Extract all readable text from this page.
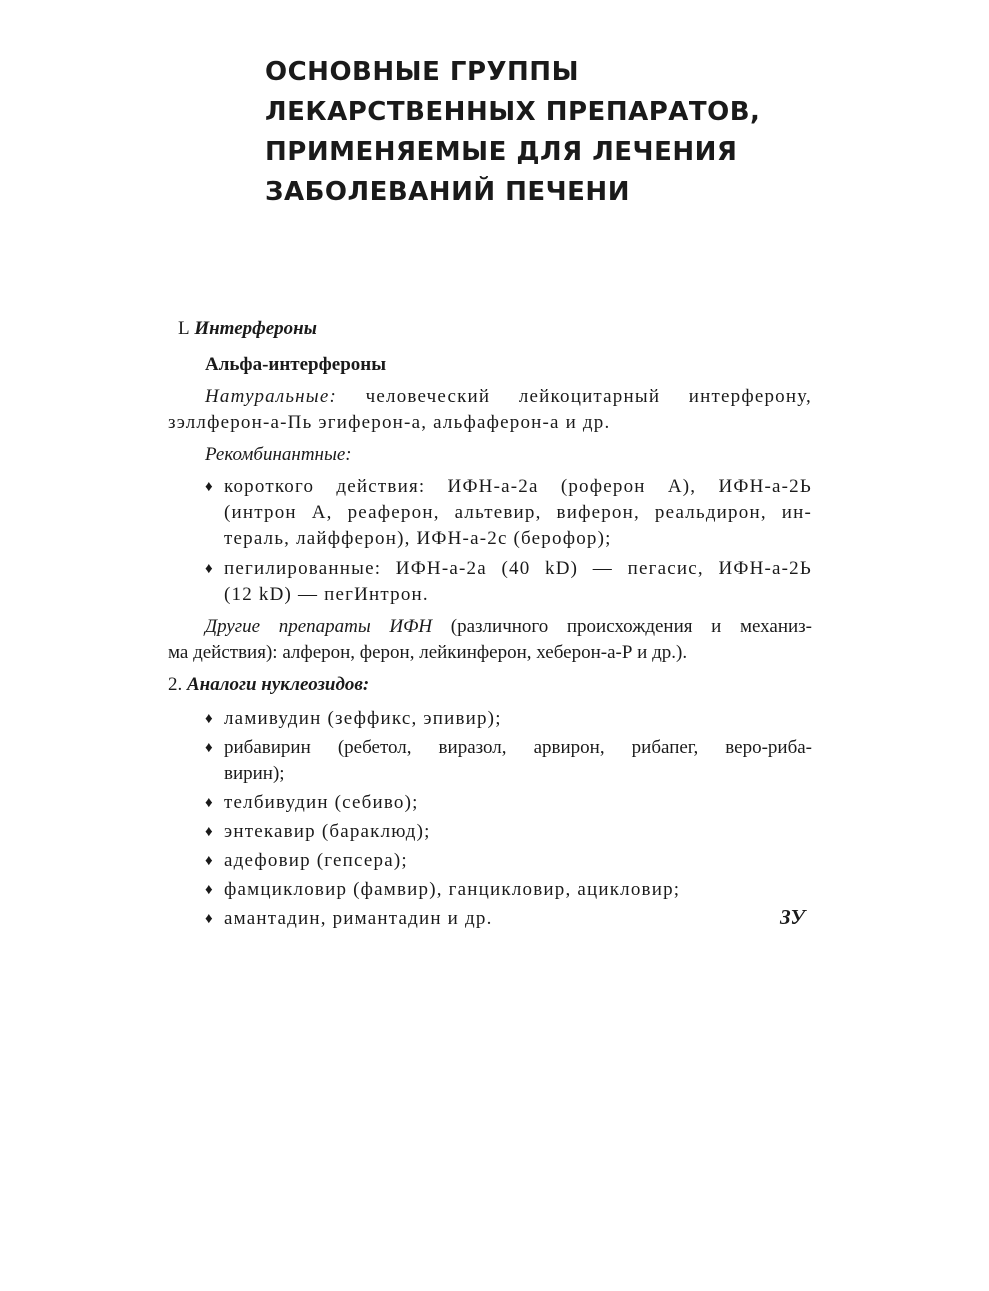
ОСНОВНЫЕ ГРУППЫ
ЛЕКАРСТВЕННЫХ ПРЕПАРАТОВ,
ПРИМЕНЯЕМЫЕ ДЛЯ ЛЕЧЕНИЯ
ЗАБОЛЕВАНИЙ ПЕЧЕНИ
L Интерфероны
Альфа-интерфероны
Натуральные: человеческий лейкоцитарный интерферону,
зэллферон-а-Пь эгиферон-а, альфаферон-а и др.
Рекомбинантные:
♦ короткого действия: ИФН-а-2а (роферон А), ИФН-а-2Ь
(интрон А, реаферон, альтевир, виферон, реальдирон, ин-
тераль, лайфферон), ИФН-а-2с (берофор);
♦ пегилированные: ИФН-а-2а (40 kD) — пегасис, ИФН-а-2Ь
(12 kD) — пегИнтрон.
Другие препараты ИФН (различного происхождения и механиз-
ма действия): алферон, ферон, лейкинферон, хеберон-а-Р и др.).
2. Аналоги нуклеозидов:
♦ ламивудин (зеффикс, эпивир);
♦ рибавирин (ребетол, виразол, арвирон, рибапег, веро-риба-
вирин);
♦ телбивудин (себиво);
♦ энтекавир (бараклюд);
♦ адефовир (гепсера);
♦ фамцикловир (фамвир), ганцикловир, ацикловир;
♦ амантадин, римантадин и др.	ЗУ
